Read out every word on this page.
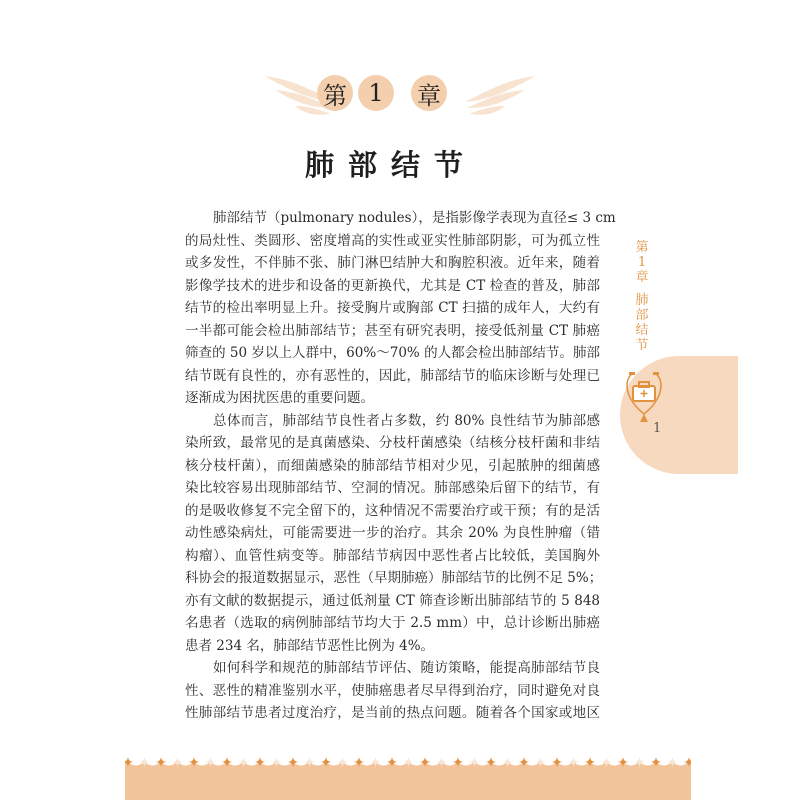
第 1 章
肺部结节
第
1
章
肺
部
结
节
1
肺部结节（pulmonary nodules），是指影像学表现为直径≤ 3 cm
的局灶性、类圆形、密度增高的实性或亚实性肺部阴影，可为孤立性
或多发性，不伴肺不张、肺门淋巴结肿大和胸腔积液。近年来，随着
影像学技术的进步和设备的更新换代，尤其是 CT 检查的普及，肺部
结节的检出率明显上升。接受胸片或胸部 CT 扫描的成年人，大约有
一半都可能会检出肺部结节；甚至有研究表明，接受低剂量 CT 肺癌
筛查的 50 岁以上人群中，60%～70% 的人都会检出肺部结节。肺部
结节既有良性的，亦有恶性的，因此，肺部结节的临床诊断与处理已
逐渐成为困扰医患的重要问题。
总体而言，肺部结节良性者占多数，约 80% 良性结节为肺部感
染所致，最常见的是真菌感染、分枝杆菌感染（结核分枝杆菌和非结
核分枝杆菌），而细菌感染的肺部结节相对少见，引起脓肿的细菌感
染比较容易出现肺部结节、空洞的情况。肺部感染后留下的结节，有
的是吸收修复不完全留下的，这种情况不需要治疗或干预；有的是活
动性感染病灶，可能需要进一步的治疗。其余 20% 为良性肿瘤（错
构瘤）、血管性病变等。肺部结节病因中恶性者占比较低，美国胸外
科协会的报道数据显示，恶性（早期肺癌）肺部结节的比例不足 5%；
亦有文献的数据提示，通过低剂量 CT 筛查诊断出肺部结节的 5 848
名患者（选取的病例肺部结节均大于 2.5 mm）中，总计诊断出肺癌
患者 234 名，肺部结节恶性比例为 4%。
如何科学和规范的肺部结节评估、随访策略，能提高肺部结节良
性、恶性的精准鉴别水平，使肺癌患者尽早得到治疗，同时避免对良
性肺部结节患者过度治疗，是当前的热点问题。随着各个国家或地区
